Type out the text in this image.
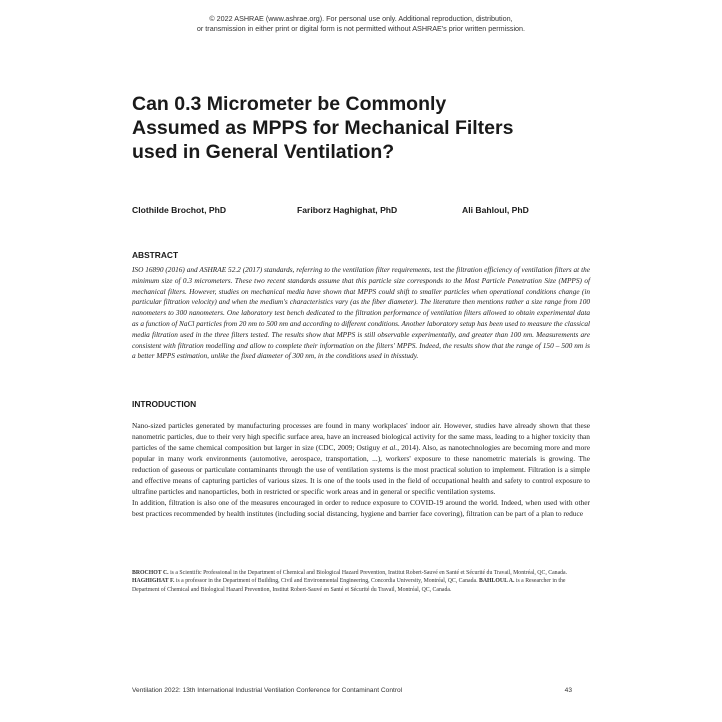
© 2022 ASHRAE (www.ashrae.org). For personal use only. Additional reproduction, distribution,
or transmission in either print or digital form is not permitted without ASHRAE's prior written permission.
Can 0.3 Micrometer be Commonly
Assumed as MPPS for Mechanical Filters
used in General Ventilation?
Clothilde Brochot, PhD	Fariborz Haghighat, PhD	Ali Bahloul, PhD
ABSTRACT

ISO 16890 (2016) and ASHRAE 52.2 (2017) standards, referring to the ventilation filter requirements, test the filtration efficiency of ventilation filters at the minimum size of 0.3 micrometers. These two recent standards assume that this particle size corresponds to the Most Particle Penetration Size (MPPS) of mechanical filters. However, studies on mechanical media have shown that MPPS could shift to smaller particles when operational conditions change (in particular filtration velocity) and when the medium's characteristics vary (as the fiber diameter). The literature then mentions rather a size range from 100 nanometers to 300 nanometers. One laboratory test bench dedicated to the filtration performance of ventilation filters allowed to obtain experimental data as a function of NaCl particles from 20 nm to 500 nm and according to different conditions. Another laboratory setup has been used to measure the classical media filtration used in the three filters tested. The results show that MPPS is still observable experimentally, and greater than 100 nm. Measurements are consistent with filtration modelling and allow to complete their information on the filters' MPPS. Indeed, the results show that the range of 150 – 500 nm is a better MPPS estimation, unlike the fixed diameter of 300 nm, in the conditions used in thisstudy.

INTRODUCTION

Nano-sized particles generated by manufacturing processes are found in many workplaces' indoor air. However, studies have already shown that these nanometric particles, due to their very high specific surface area, have an increased biological activity for the same mass, leading to a higher toxicity than particles of the same chemical composition but larger in size (CDC, 2009; Ostiguy et al., 2014). Also, as nanotechnologies are becoming more and more popular in many work environments (automotive, aerospace, transportation, ...), workers' exposure to these nanometric materials is growing. The reduction of gaseous or particulate contaminants through the use of ventilation systems is the most practical solution to implement. Filtration is a simple and effective means of capturing particles of various sizes. It is one of the tools used in the field of occupational health and safety to control exposure to ultrafine particles and nanoparticles, both in restricted or specific work areas and in general or specific ventilation systems.

In addition, filtration is also one of the measures encouraged in order to reduce exposure to COVID-19 around the world. Indeed, when used with other best practices recommended by health institutes (including social distancing, hygiene and barrier face covering), filtration can be part of a plan to reduce

BROCHOT C. is a Scientific Professional in the Department of Chemical and Biological Hazard Prevention, Institut Robert-Sauvé en Santé et Sécurité du Travail, Montréal, QC, Canada. HAGHIGHAT F. is a professor in the Department of Building, Civil and Environmental Engineering, Concordia University, Montréal, QC, Canada. BAHLOUL A. is a Researcher in the Department of Chemical and Biological Hazard Prevention, Institut Robert-Sauvé en Santé et Sécurité du Travail, Montréal, QC, Canada.

Ventilation 2022: 13th International Industrial Ventilation Conference for Contaminant Control	43
